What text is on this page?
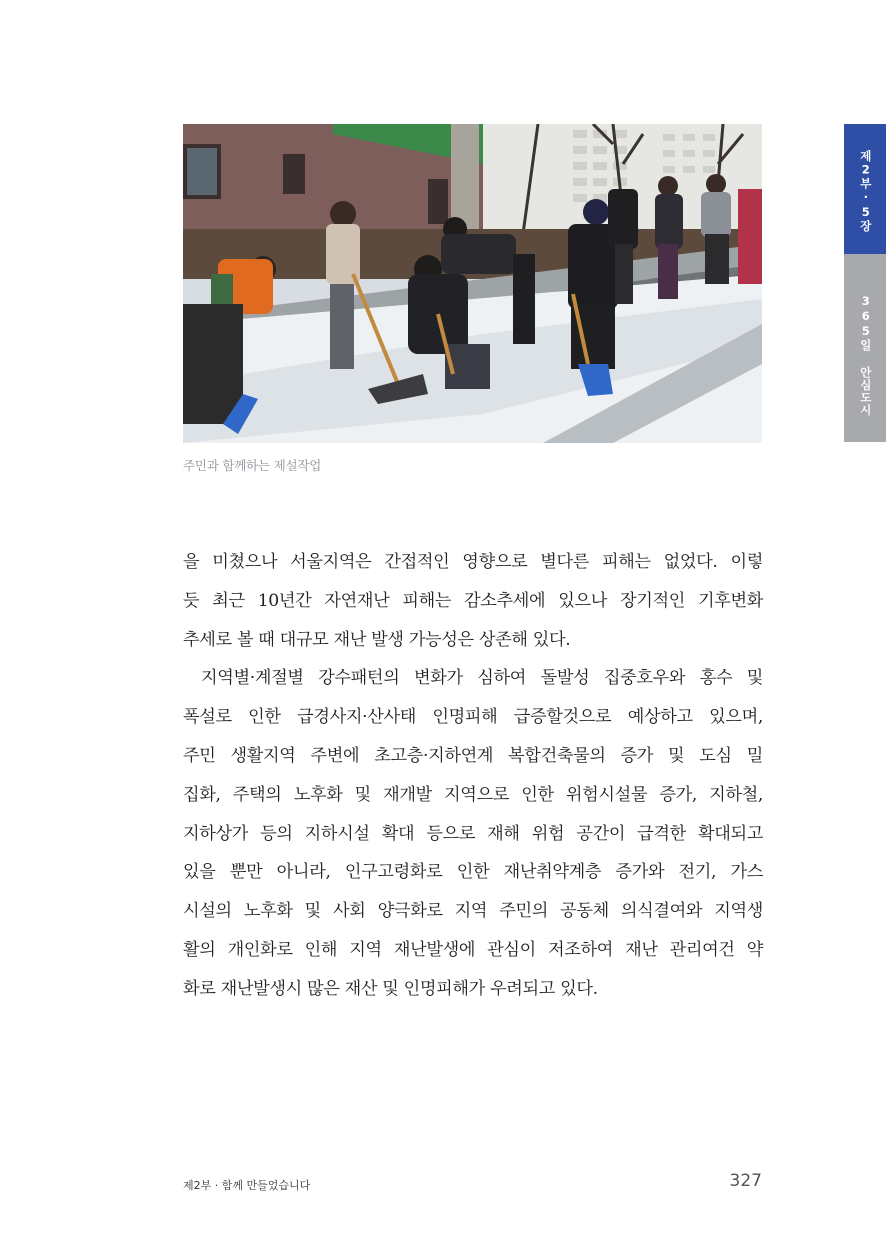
주민과 함께하는 제설작업
을 미쳤으나 서울지역은 간접적인 영향으로 별다른 피해는 없었다. 이렇
듯 최근 10년간 자연재난 피해는 감소추세에 있으나 장기적인 기후변화
추세로 볼 때 대규모 재난 발생 가능성은 상존해 있다.
지역별·계절별 강수패턴의 변화가 심하여 돌발성 집중호우와 홍수 및
폭설로 인한 급경사지·산사태 인명피해 급증할것으로 예상하고 있으며,
주민 생활지역 주변에 초고층·지하연계 복합건축물의 증가 및 도심 밀
집화, 주택의 노후화 및 재개발 지역으로 인한 위험시설물 증가, 지하철,
지하상가 등의 지하시설 확대 등으로 재해 위험 공간이 급격한 확대되고
있을 뿐만 아니라, 인구고령화로 인한 재난취약계층 증가와 전기, 가스
시설의 노후화 및 사회 양극화로 지역 주민의 공동체 의식결여와 지역생
활의 개인화로 인해 지역 재난발생에 관심이 저조하여 재난 관리여건 약
화로 재난발생시 많은 재산 및 인명피해가 우려되고 있다.
제2부·5장
365일 안심도시
제2부 · 함께 만들었습니다	327
